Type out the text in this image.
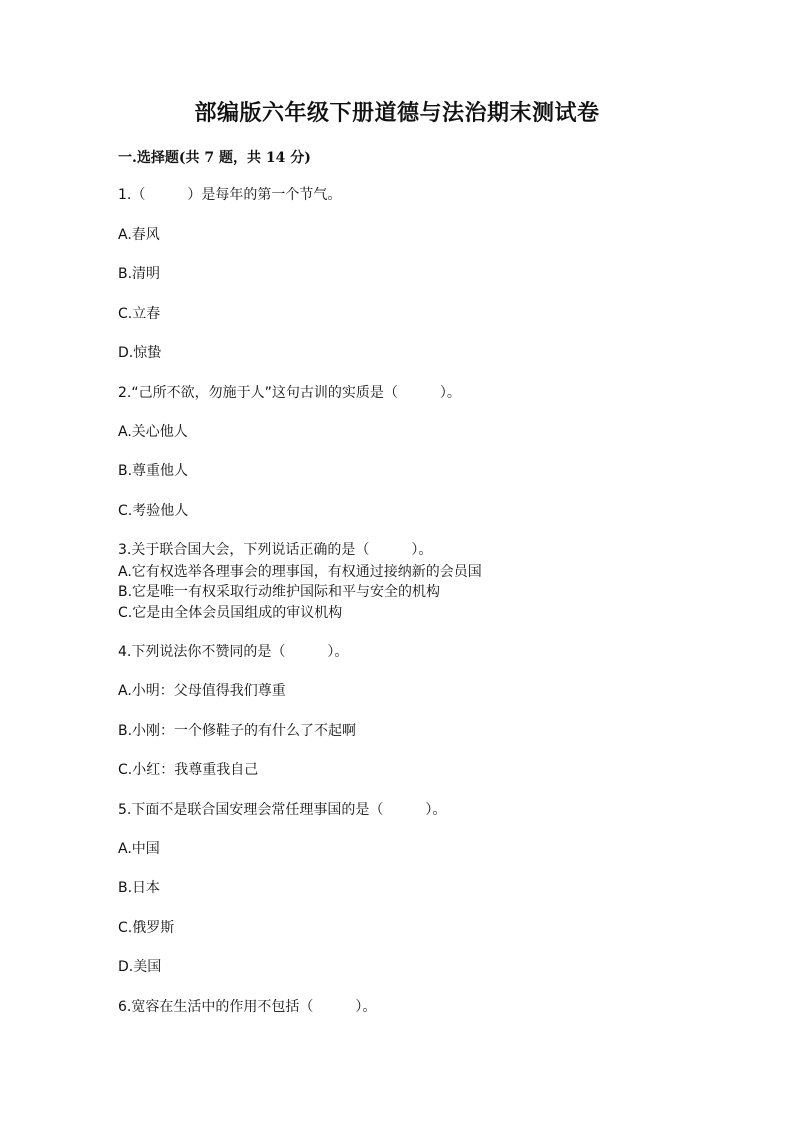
部编版六年级下册道德与法治期末测试卷
一.选择题(共 7 题，共 14 分)
1.（　　　）是每年的第一个节气。
A.春风
B.清明
C.立春
D.惊蛰
2.“己所不欲，勿施于人”这句古训的实质是（　　　）。
A.关心他人
B.尊重他人
C.考验他人
3.关于联合国大会，下列说话正确的是（　　　）。
A.它有权选举各理事会的理事国，有权通过接纳新的会员国
B.它是唯一有权采取行动维护国际和平与安全的机构
C.它是由全体会员国组成的审议机构
4.下列说法你不赞同的是（　　　）。
A.小明：父母值得我们尊重
B.小刚：一个修鞋子的有什么了不起啊
C.小红：我尊重我自己
5.下面不是联合国安理会常任理事国的是（　　　）。
A.中国
B.日本
C.俄罗斯
D.美国
6.宽容在生活中的作用不包括（　　　）。
